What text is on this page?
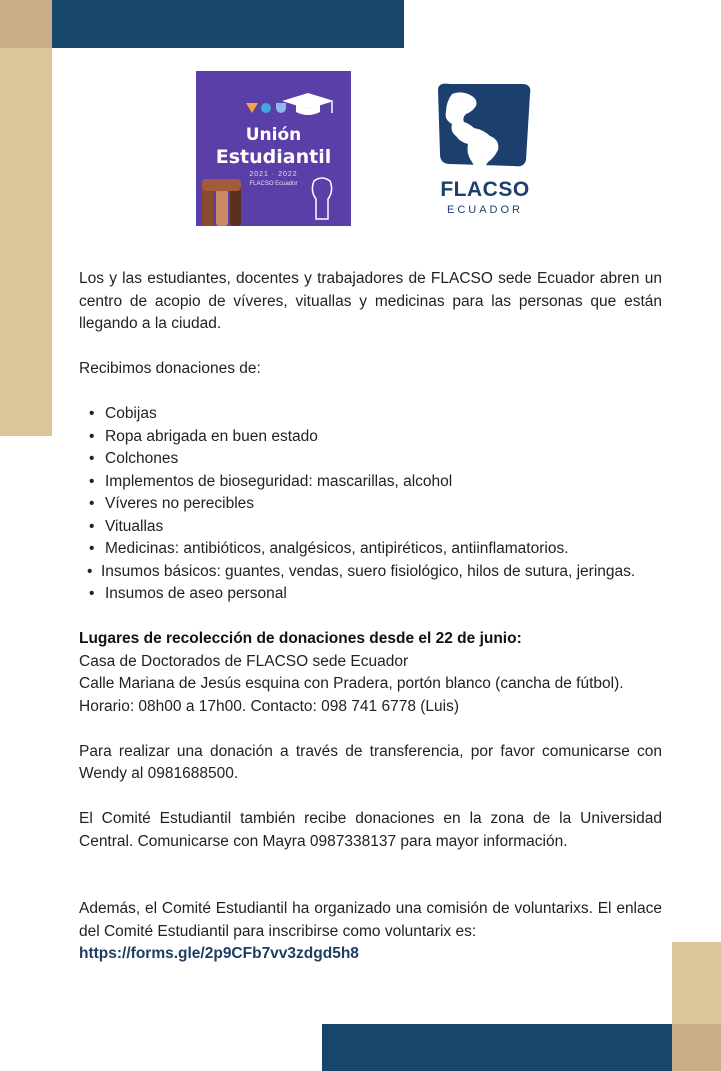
Unión
Estudiantil
2021 · 2022
FLACSO Ecuador	FLACSO
ECUADOR

Los y las estudiantes, docentes y trabajadores de FLACSO sede Ecuador abren un centro de acopio de víveres, vituallas y medicinas para las personas que están llegando a la ciudad.

Recibimos donaciones de:

• Cobijas
• Ropa abrigada en buen estado
• Colchones
• Implementos de bioseguridad: mascarillas, alcohol
• Víveres no perecibles
• Vituallas
• Medicinas: antibióticos, analgésicos, antipiréticos, antiinflamatorios.
• Insumos básicos: guantes, vendas, suero fisiológico, hilos de sutura, jeringas.
• Insumos de aseo personal

Lugares de recolección de donaciones desde el 22 de junio:

Casa de Doctorados de FLACSO sede Ecuador

Calle Mariana de Jesús esquina con Pradera, portón blanco (cancha de fútbol).

Horario: 08h00 a 17h00. Contacto: 098 741 6778 (Luis)

Para realizar una donación a través de transferencia, por favor comunicarse con Wendy al 0981688500.

El Comité Estudiantil también recibe donaciones en la zona de la Universidad Central. Comunicarse con Mayra 0987338137 para mayor información.

Además, el Comité Estudiantil ha organizado una comisión de voluntarixs. El enlace del Comité Estudiantil para inscribirse como voluntarix es:

https://forms.gle/2p9CFb7vv3zdgd5h8
